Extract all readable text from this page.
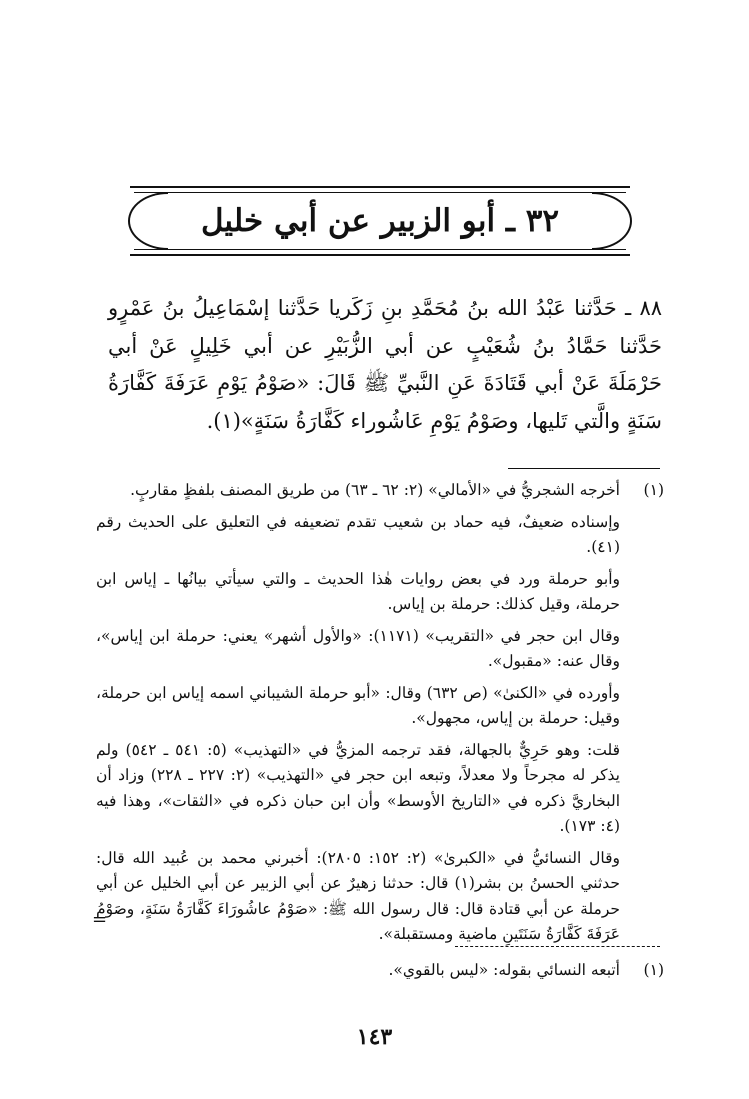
٣٢ ـ أبو الزبير عن أبي خليل
٨٨ ـ حَدَّثنا عَبْدُ الله بنُ مُحَمَّدِ بنِ زَكَريا حَدَّثنا إسْمَاعِيلُ بنُ عَمْرٍو حَدَّثنا حَمَّادُ بنُ شُعَيْبٍ عن أبي الزُّبَيْرِ عن أبي خَلِيلٍ عَنْ أبي حَرْمَلَةَ عَنْ أبي قَتَادَةَ عَنِ النَّبيِّ ﷺ قَالَ: «صَوْمُ يَوْمِ عَرَفَةَ كَفَّارَةُ سَنَةٍ والَّتي تَليها، وصَوْمُ يَوْمِ عَاشُوراء كَفَّارَةُ سَنَةٍ»(١).
(١)

أخرجه الشجريُّ في «الأمالي» (٢: ٦٢ ـ ٦٣) من طريق المصنف بلفظٍ مقاربٍ.

وإسناده ضعيفٌ، فيه حماد بن شعيب تقدم تضعيفه في التعليق على الحديث رقم (٤١).

وأبو حرملة ورد في بعض روايات هٰذا الحديث ـ والتي سيأتي بيانُها ـ إياس ابن حرملة، وقيل كذلك: حرملة بن إياس.

وقال ابن حجر في «التقريب» (١١٧١): «والأول أشهر» يعني: حرملة ابن إياس»، وقال عنه: «مقبول».

وأورده في «الكنىٰ» (ص ٦٣٢) وقال: «أبو حرملة الشيباني اسمه إياس ابن حرملة، وقيل: حرملة بن إياس، مجهول».

قلت: وهو حَرِيٌّ بالجهالة، فقد ترجمه المزيُّ في «التهذيب» (٥: ٥٤١ ـ ٥٤٢) ولم يذكر له مجرحاً ولا معدلاً، وتبعه ابن حجر في «التهذيب» (٢: ٢٢٧ ـ ٢٢٨) وزاد أن البخاريَّ ذكره في «التاريخ الأوسط» وأن ابن حبان ذكره في «الثقات»، وهذا فيه (٤: ١٧٣).

وقال النسائيُّ في «الكبرىٰ» (٢: ١٥٢: ٢٨٠٥): أخبرني محمد بن عُبيد الله قال: حدثني الحسنُ بن بشر(١) قال: حدثنا زهيرٌ عن أبي الزبير عن أبي الخليل عن أبي حرملة عن أبي قتادة قال: قال رسول الله ﷺ: «صَوْمُ عاشُورَاءَ كَفَّارَةُ سَنَةٍ، وصَوْمُ عَرَفَةَ كَفَّارَةُ سَنَتَينِ ماضية ومستقبلة».

=
(١)
أتبعه النسائي بقوله: «ليس بالقوي».
١٤٣
